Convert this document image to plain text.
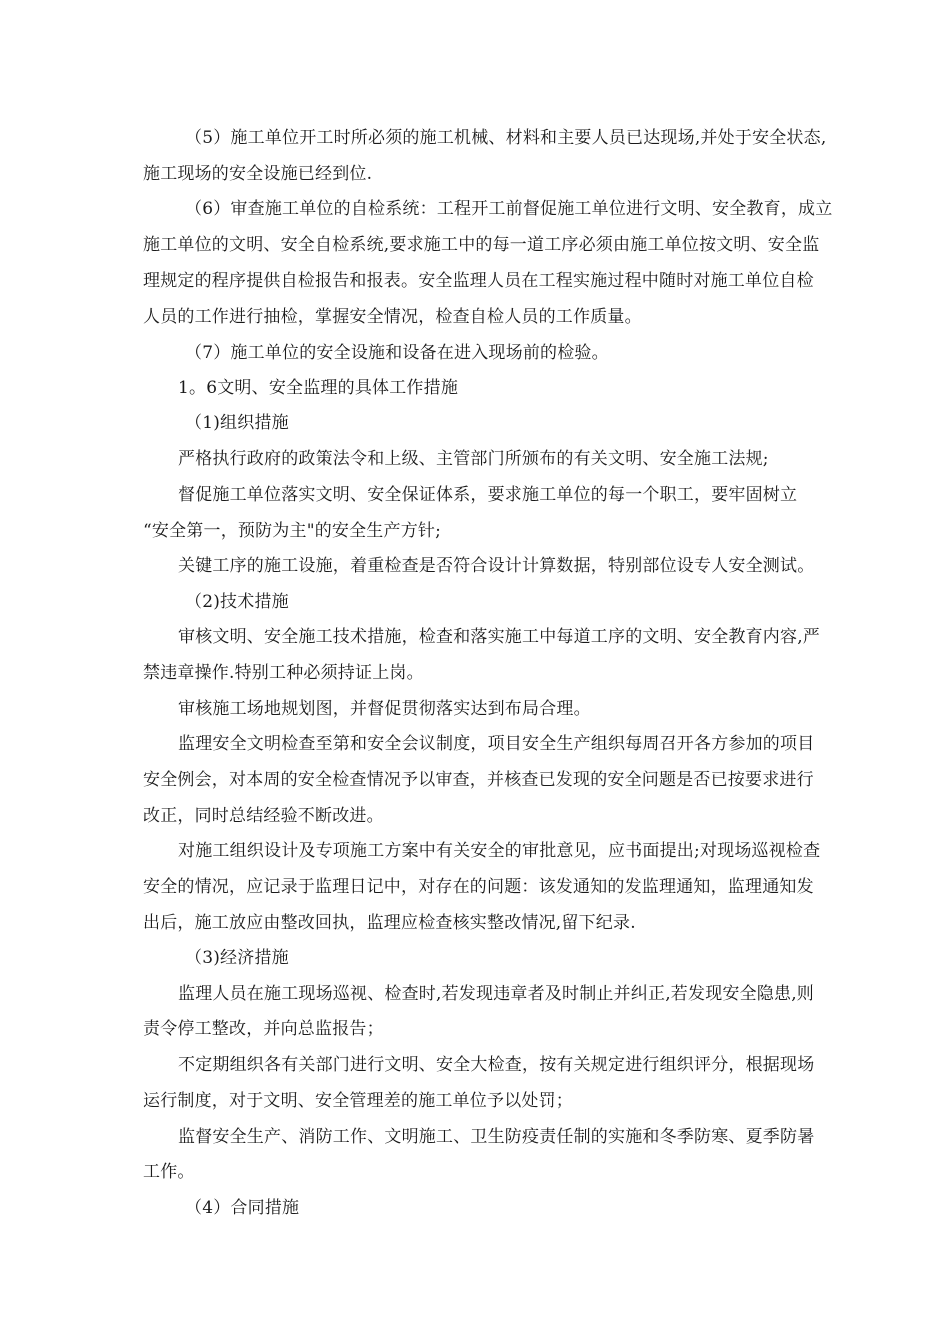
（5）施工单位开工时所必须的施工机械、材料和主要人员已达现场,并处于安全状态,
施工现场的安全设施已经到位.
（6）审查施工单位的自检系统：工程开工前督促施工单位进行文明、安全教育，成立
施工单位的文明、安全自检系统,要求施工中的每一道工序必须由施工单位按文明、安全监
理规定的程序提供自检报告和报表。安全监理人员在工程实施过程中随时对施工单位自检
人员的工作进行抽检，掌握安全情况，检查自检人员的工作质量。
（7）施工单位的安全设施和设备在进入现场前的检验。
1。6文明、安全监理的具体工作措施
（1)组织措施
严格执行政府的政策法令和上级、主管部门所颁布的有关文明、安全施工法规;
督促施工单位落实文明、安全保证体系，要求施工单位的每一个职工，要牢固树立
“安全第一，预防为主"的安全生产方针;
关键工序的施工设施，着重检查是否符合设计计算数据，特别部位设专人安全测试。
（2)技术措施
审核文明、安全施工技术措施，检查和落实施工中每道工序的文明、安全教育内容,严
禁违章操作.特别工种必须持证上岗。
审核施工场地规划图，并督促贯彻落实达到布局合理。
监理安全文明检查至第和安全会议制度，项目安全生产组织每周召开各方参加的项目
安全例会，对本周的安全检查情况予以审查，并核查已发现的安全问题是否已按要求进行
改正，同时总结经验不断改进。
对施工组织设计及专项施工方案中有关安全的审批意见，应书面提出;对现场巡视检查
安全的情况，应记录于监理日记中，对存在的问题：该发通知的发监理通知，监理通知发
出后，施工放应由整改回执，监理应检查核实整改情况,留下纪录.
（3)经济措施
监理人员在施工现场巡视、检查时,若发现违章者及时制止并纠正,若发现安全隐患,则
责令停工整改，并向总监报告；
不定期组织各有关部门进行文明、安全大检查，按有关规定进行组织评分，根据现场
运行制度，对于文明、安全管理差的施工单位予以处罚；
监督安全生产、消防工作、文明施工、卫生防疫责任制的实施和冬季防寒、夏季防暑
工作。
（4）合同措施
